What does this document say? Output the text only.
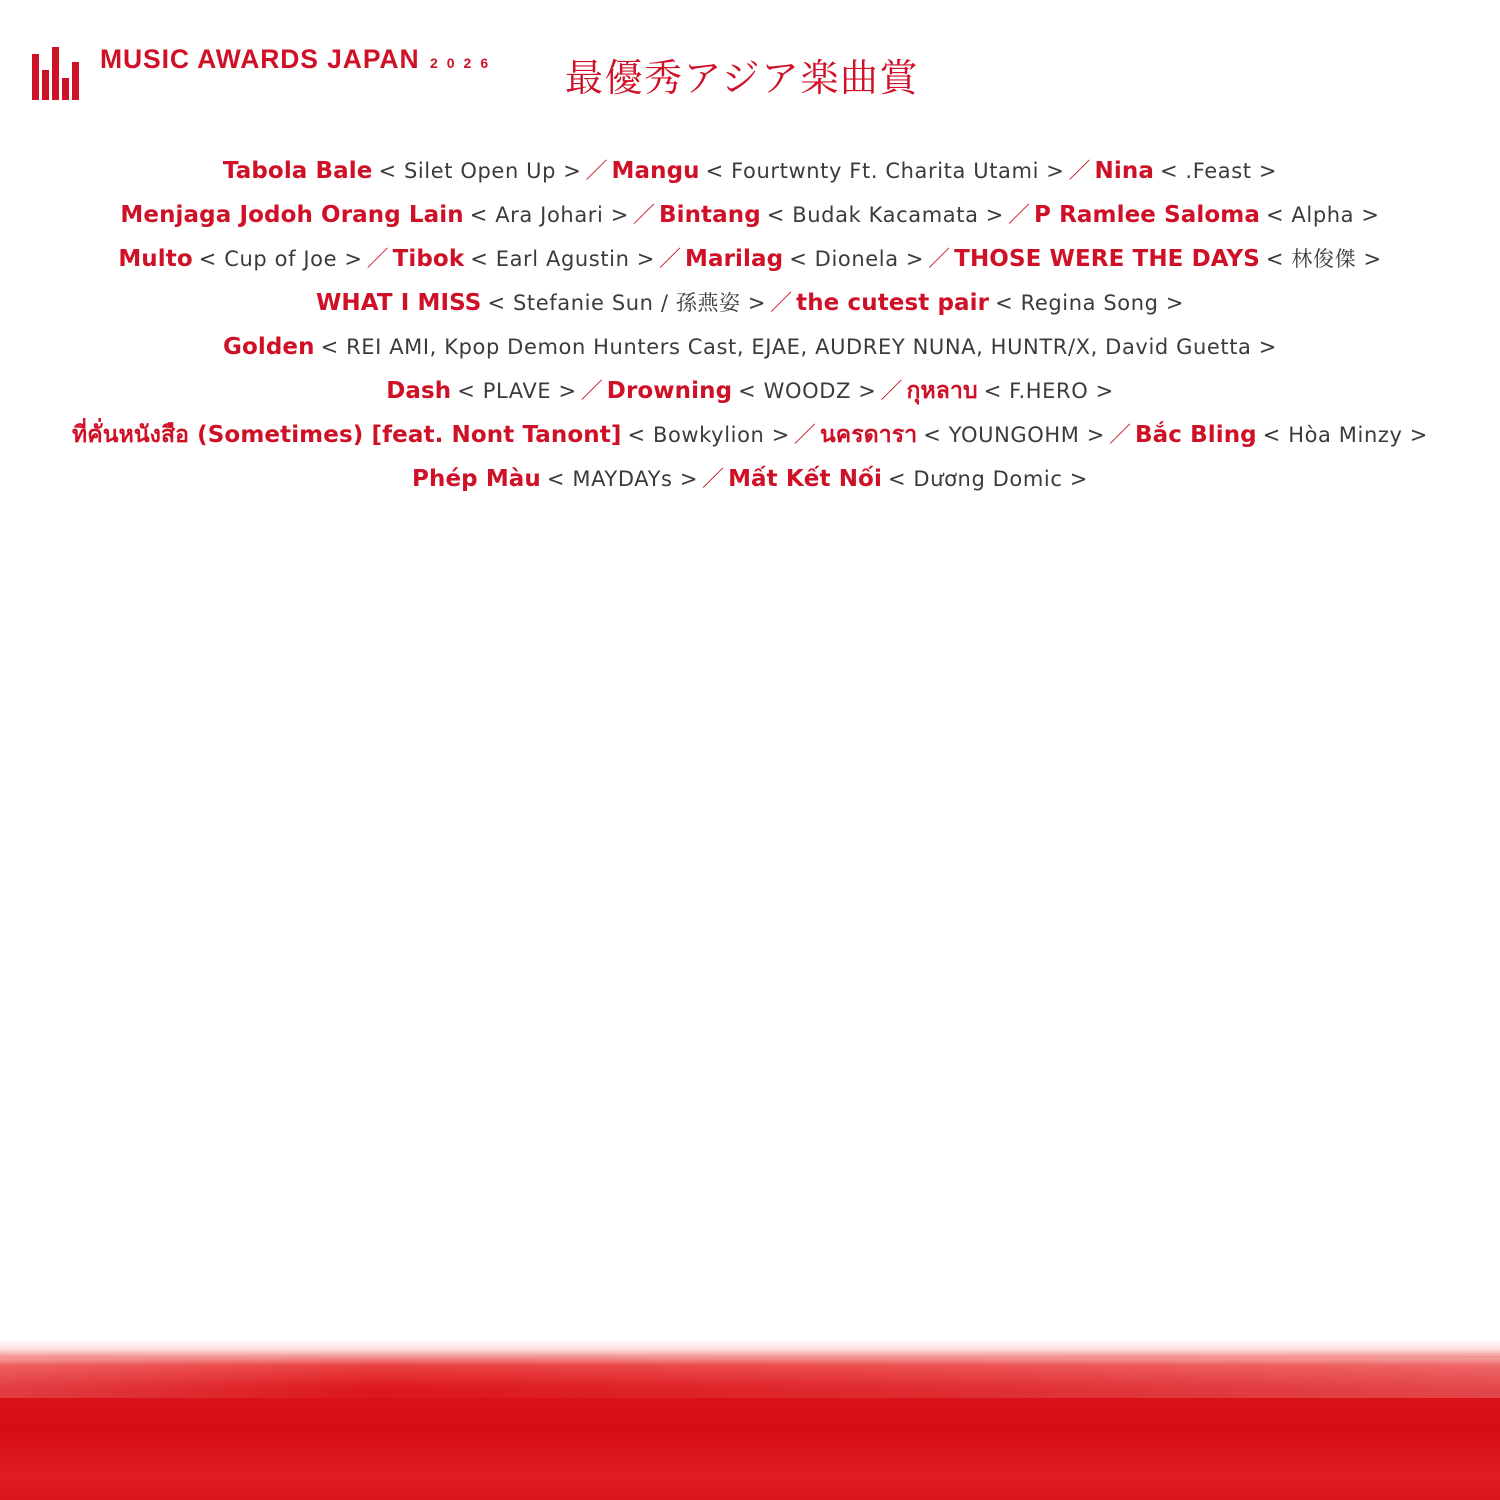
MUSIC AWARDS JAPAN 2026 最優秀アジア楽曲賞
Tabola Bale < Silet Open Up > ／ Mangu < Fourtwnty Ft. Charita Utami > ／ Nina < .Feast >
Menjaga Jodoh Orang Lain < Ara Johari > ／ Bintang < Budak Kacamata > ／ P Ramlee Saloma < Alpha >
Multo < Cup of Joe > ／ Tibok < Earl Agustin > ／ Marilag < Dionela > ／ THOSE WERE THE DAYS < 林俊傑 >
WHAT I MISS < Stefanie Sun / 孫燕姿 > ／ the cutest pair < Regina Song >
Golden < REI AMI, Kpop Demon Hunters Cast, EJAE, AUDREY NUNA, HUNTR/X, David Guetta >
Dash < PLAVE > ／ Drowning < WOODZ > ／ กุหลาบ < F.HERO >
ที่คั่นหนังสือ (Sometimes) [feat. Nont Tanont] < Bowkylion > ／ นครดารา < YOUNGOHM > ／ Bắc Bling < Hòa Minzy >
Phép Màu < MAYDAYs > ／ Mất Kết Nối < Dương Domic >
